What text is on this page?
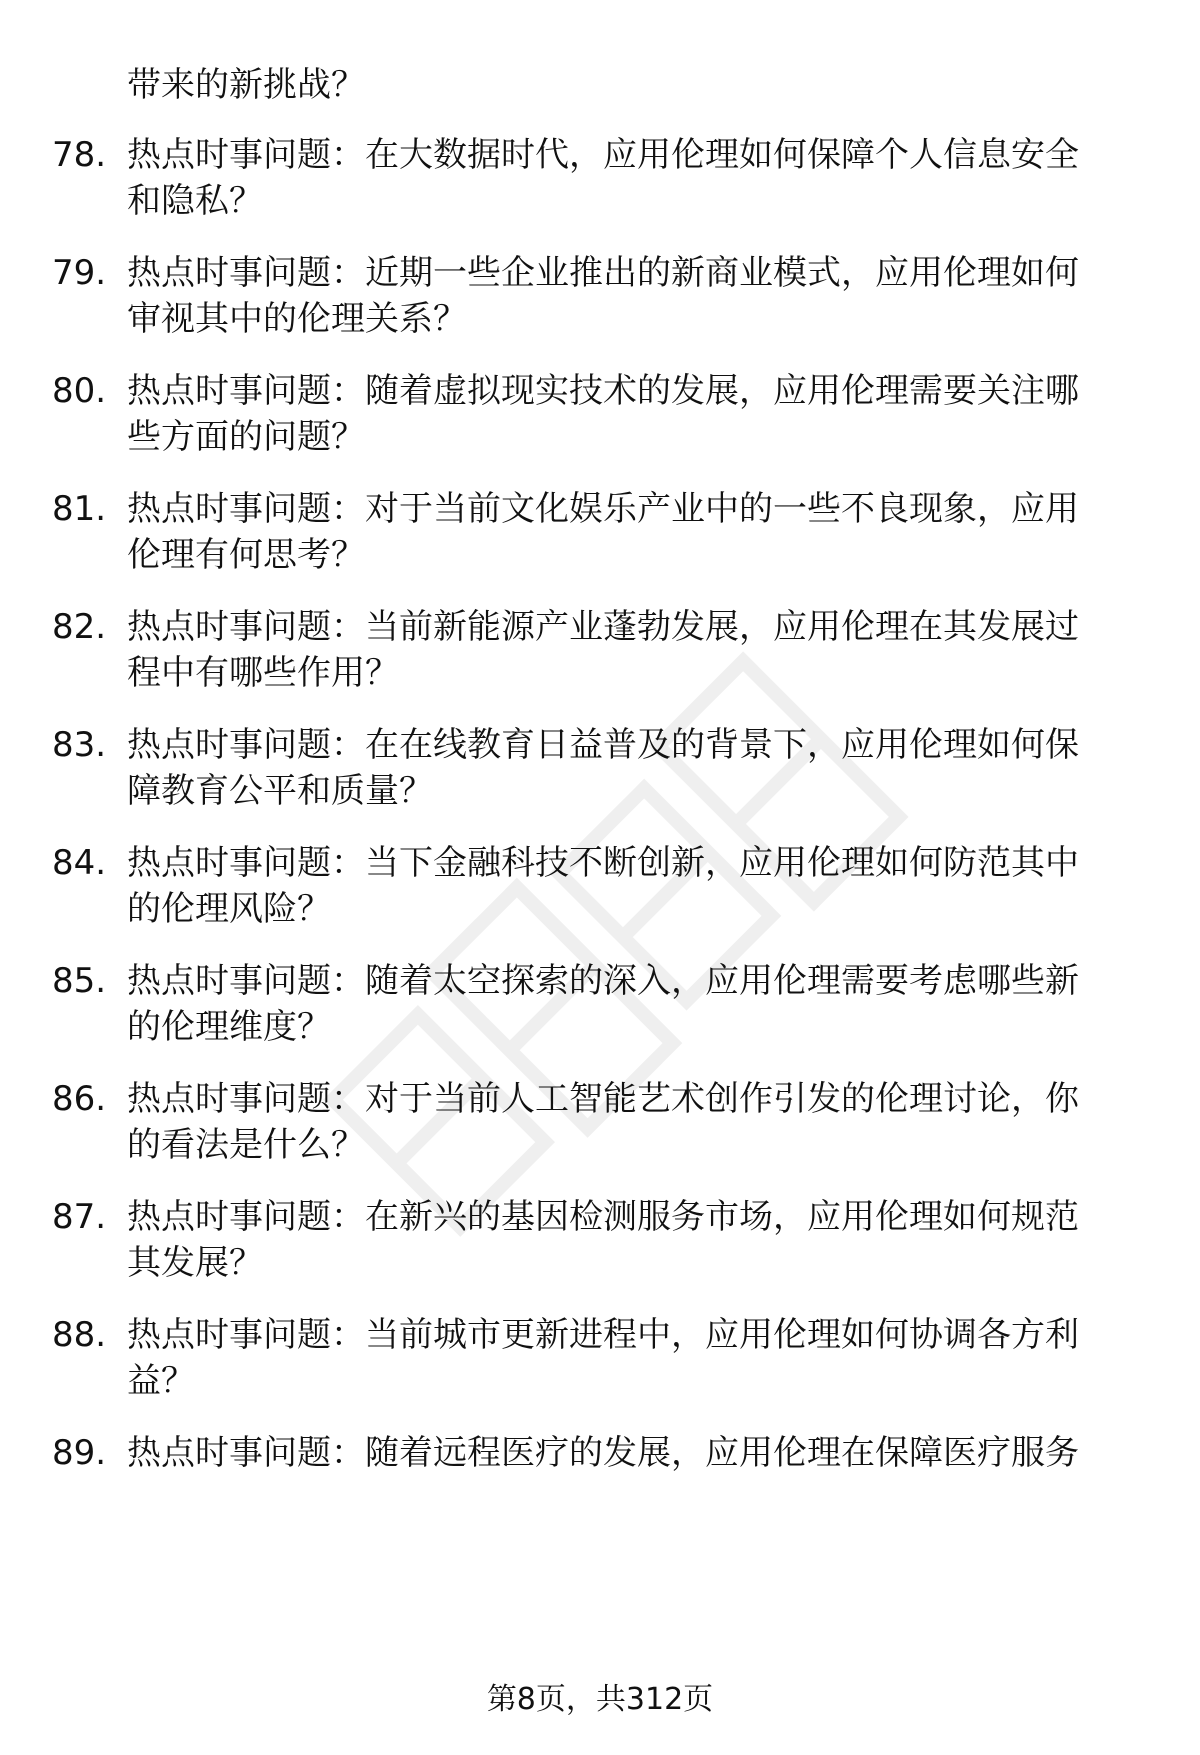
带来的新挑战？
78. 热点时事问题：在大数据时代，应用伦理如何保障个人信息安全
和隐私？
79. 热点时事问题：近期一些企业推出的新商业模式，应用伦理如何
审视其中的伦理关系？
80. 热点时事问题：随着虚拟现实技术的发展，应用伦理需要关注哪
些方面的问题？
81. 热点时事问题：对于当前文化娱乐产业中的一些不良现象，应用
伦理有何思考？
82. 热点时事问题：当前新能源产业蓬勃发展，应用伦理在其发展过
程中有哪些作用？
83. 热点时事问题：在在线教育日益普及的背景下，应用伦理如何保
障教育公平和质量？
84. 热点时事问题：当下金融科技不断创新，应用伦理如何防范其中
的伦理风险？
85. 热点时事问题：随着太空探索的深入，应用伦理需要考虑哪些新
的伦理维度？
86. 热点时事问题：对于当前人工智能艺术创作引发的伦理讨论，你
的看法是什么？
87. 热点时事问题：在新兴的基因检测服务市场，应用伦理如何规范
其发展？
88. 热点时事问题：当前城市更新进程中，应用伦理如何协调各方利
益？
89. 热点时事问题：随着远程医疗的发展，应用伦理在保障医疗服务
第8页，共312页
